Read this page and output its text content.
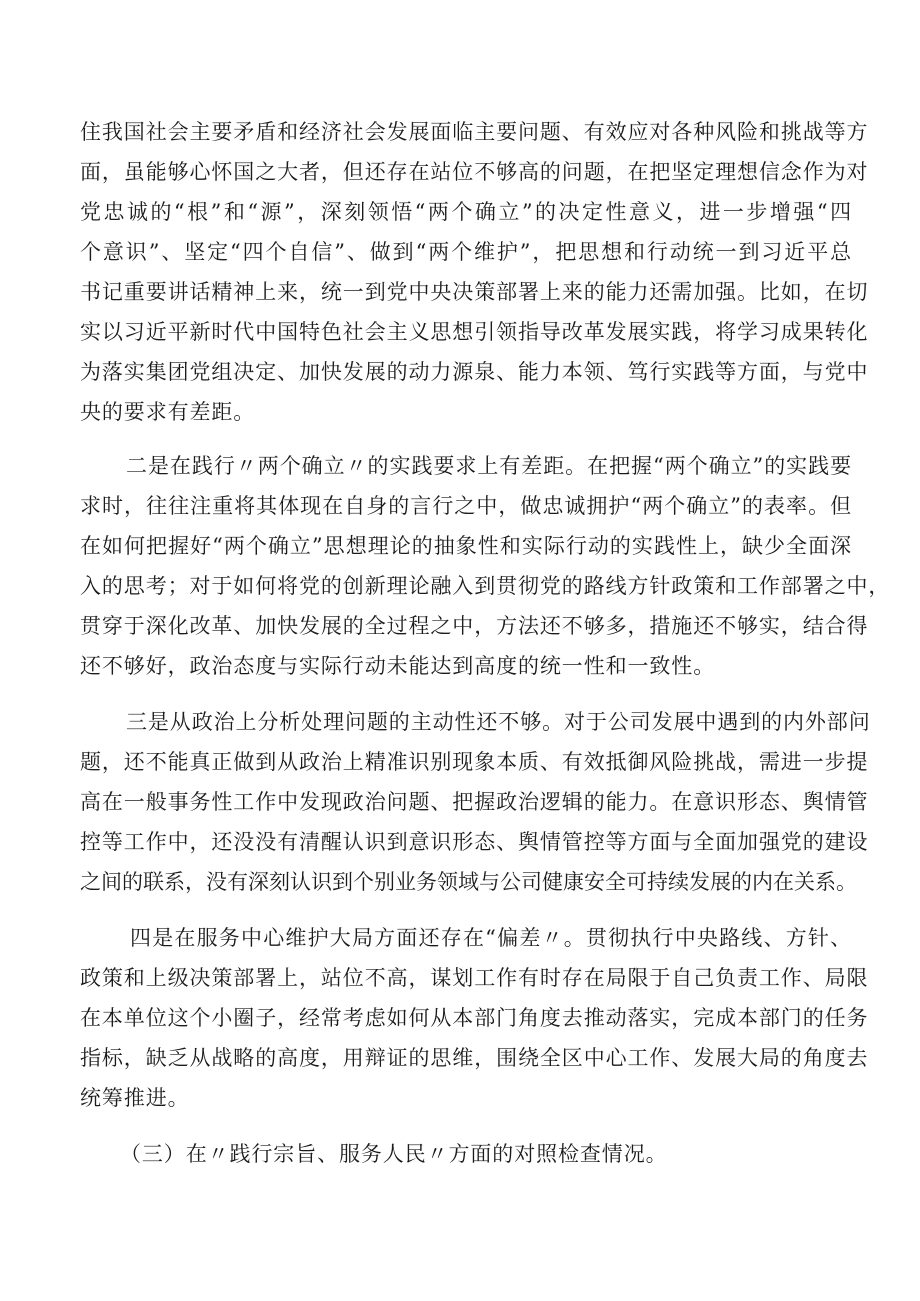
住我国社会主要矛盾和经济社会发展面临主要问题、有效应对各种风险和挑战等方
面，虽能够心怀国之大者，但还存在站位不够高的问题，在把坚定理想信念作为对
党忠诚的“根”和“源”，深刻领悟“两个确立”的决定性意义，进一步增强“四
个意识”、坚定“四个自信”、做到“两个维护”，把思想和行动统一到习近平总
书记重要讲话精神上来，统一到党中央决策部署上来的能力还需加强。比如，在切
实以习近平新时代中国特色社会主义思想引领指导改革发展实践，将学习成果转化
为落实集团党组决定、加快发展的动力源泉、能力本领、笃行实践等方面，与党中
央的要求有差距。
二是在践行〃两个确立〃的实践要求上有差距。在把握“两个确立”的实践要
求时，往往注重将其体现在自身的言行之中，做忠诚拥护“两个确立”的表率。但
在如何把握好“两个确立”思想理论的抽象性和实际行动的实践性上，缺少全面深
入的思考；对于如何将党的创新理论融入到贯彻党的路线方针政策和工作部署之中，
贯穿于深化改革、加快发展的全过程之中，方法还不够多，措施还不够实，结合得
还不够好，政治态度与实际行动未能达到高度的统一性和一致性。
三是从政治上分析处理问题的主动性还不够。对于公司发展中遇到的内外部问
题，还不能真正做到从政治上精准识别现象本质、有效抵御风险挑战，需进一步提
高在一般事务性工作中发现政治问题、把握政治逻辑的能力。在意识形态、舆情管
控等工作中，还没没有清醒认识到意识形态、舆情管控等方面与全面加强党的建设
之间的联系，没有深刻认识到个别业务领域与公司健康安全可持续发展的内在关系。
四是在服务中心维护大局方面还存在“偏差〃。贯彻执行中央路线、方针、
政策和上级决策部署上，站位不高，谋划工作有时存在局限于自己负责工作、局限
在本单位这个小圈子，经常考虑如何从本部门角度去推动落实，完成本部门的任务
指标，缺乏从战略的高度，用辩证的思维，围绕全区中心工作、发展大局的角度去
统筹推进。
（三）在〃践行宗旨、服务人民〃方面的对照检查情况。
